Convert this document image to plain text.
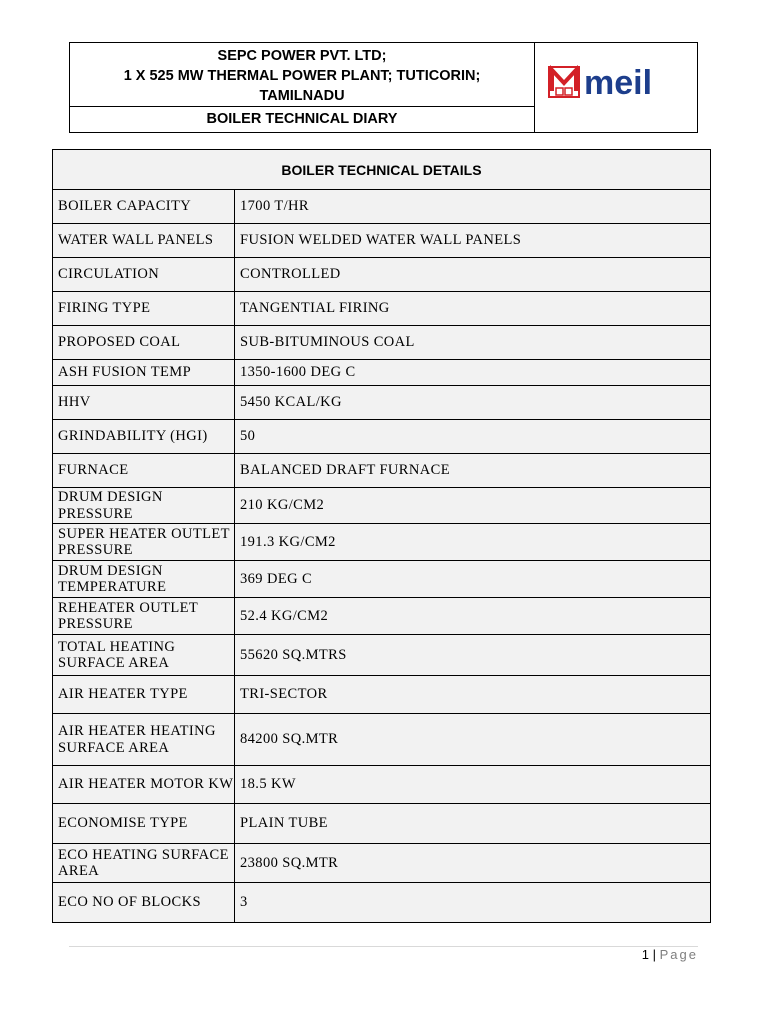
SEPC POWER PVT. LTD;
1 X 525 MW THERMAL POWER PLANT; TUTICORIN;
TAMILNADU
BOILER TECHNICAL DIARY
meil
BOILER TECHNICAL DETAILS	
BOILER CAPACITY	1700 T/HR
WATER WALL PANELS	FUSION WELDED WATER WALL PANELS
CIRCULATION	CONTROLLED
FIRING TYPE	TANGENTIAL FIRING
PROPOSED COAL	SUB-BITUMINOUS COAL
ASH FUSION TEMP	1350-1600 DEG C
HHV	5450 KCAL/KG
GRINDABILITY (HGI)	50
FURNACE	BALANCED DRAFT FURNACE
DRUM DESIGN PRESSURE	210 KG/CM2
SUPER HEATER OUTLET PRESSURE	191.3 KG/CM2
DRUM DESIGN TEMPERATURE	369 DEG C
REHEATER OUTLET PRESSURE	52.4 KG/CM2
TOTAL HEATING SURFACE AREA	55620 SQ.MTRS
AIR HEATER TYPE	TRI-SECTOR
AIR HEATER HEATING SURFACE AREA	84200 SQ.MTR
AIR HEATER MOTOR KW	18.5 KW
ECONOMISE TYPE	PLAIN TUBE
ECO HEATING SURFACE AREA	23800 SQ.MTR
ECO NO OF BLOCKS	3
1 | Page
